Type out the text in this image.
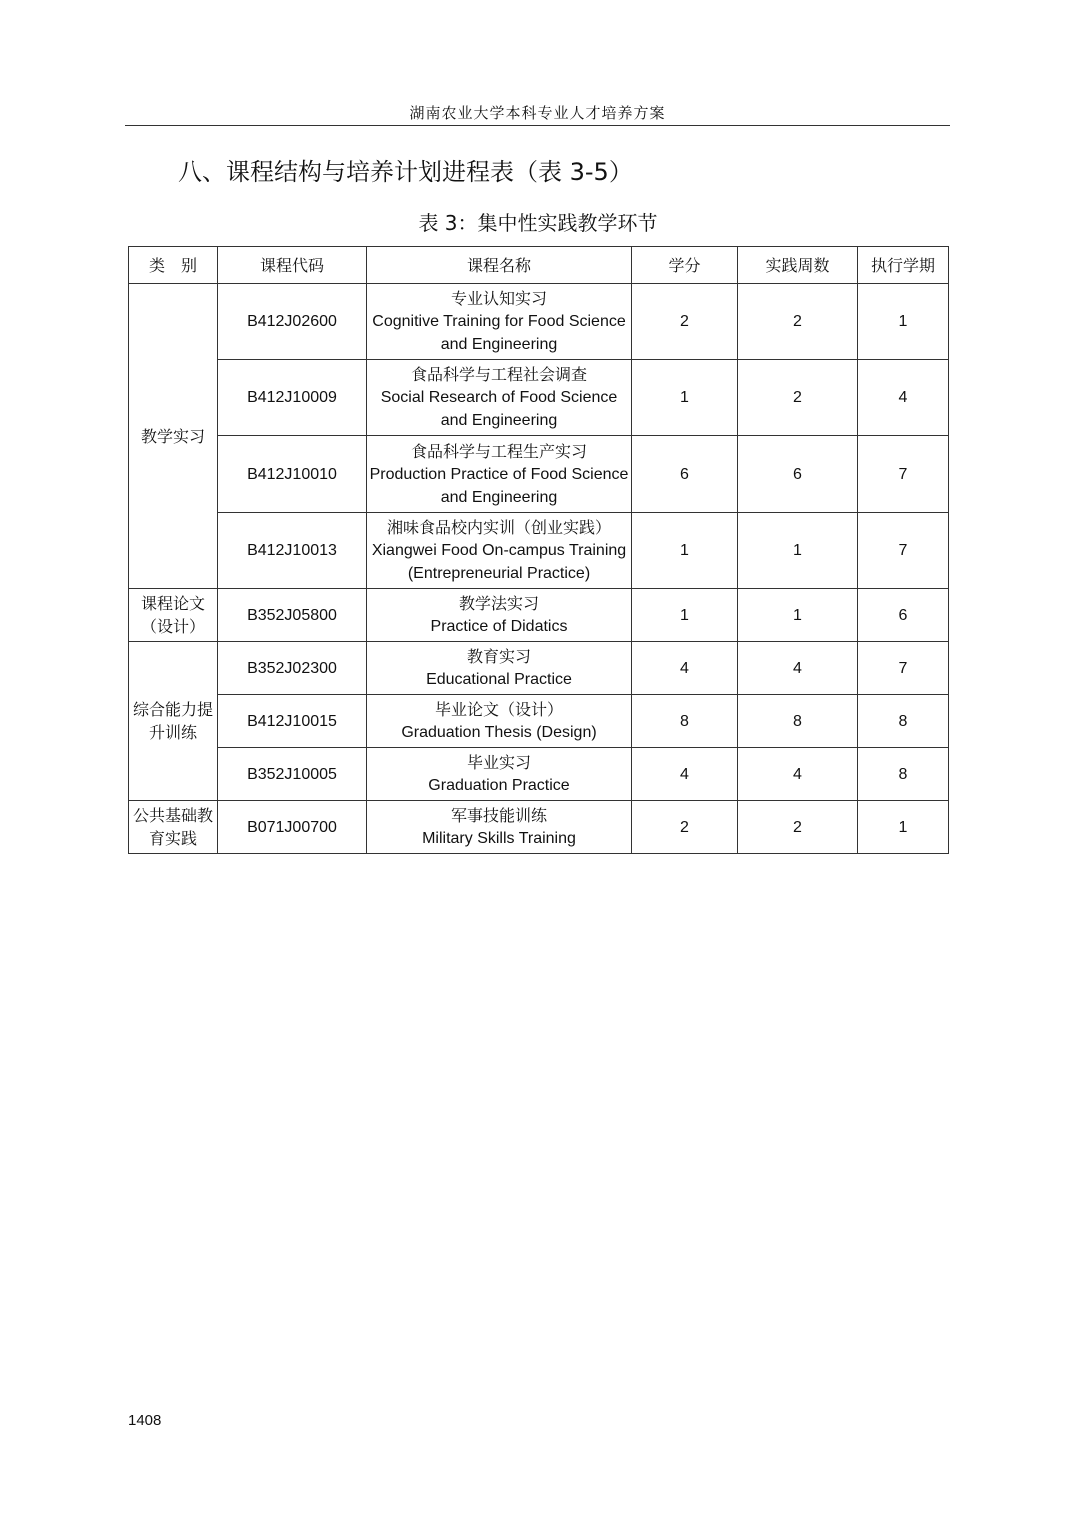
湖南农业大学本科专业人才培养方案
八、课程结构与培养计划进程表（表 3-5）
表 3：集中性实践教学环节
类　别	课程代码	课程名称	学分	实践周数	执行学期
教学实习	B412J02600	专业认知实习
Cognitive Training for Food Science and Engineering	2	2	1
	B412J10009	食品科学与工程社会调查
Social Research of Food Science and Engineering	1	2	4
	B412J10010	食品科学与工程生产实习
Production Practice of Food Science and Engineering	6	6	7
	B412J10013	湘味食品校内实训（创业实践）
Xiangwei Food On-campus Training (Entrepreneurial Practice)	1	1	7
课程论文（设计）	B352J05800	教学法实习
Practice of Didatics	1	1	6
综合能力提升训练	B352J02300	教育实习
Educational Practice	4	4	7
	B412J10015	毕业论文（设计）
Graduation Thesis (Design)	8	8	8
	B352J10005	毕业实习
Graduation Practice	4	4	8
公共基础教育实践	B071J00700	军事技能训练
Military Skills Training	2	2	1
1408
